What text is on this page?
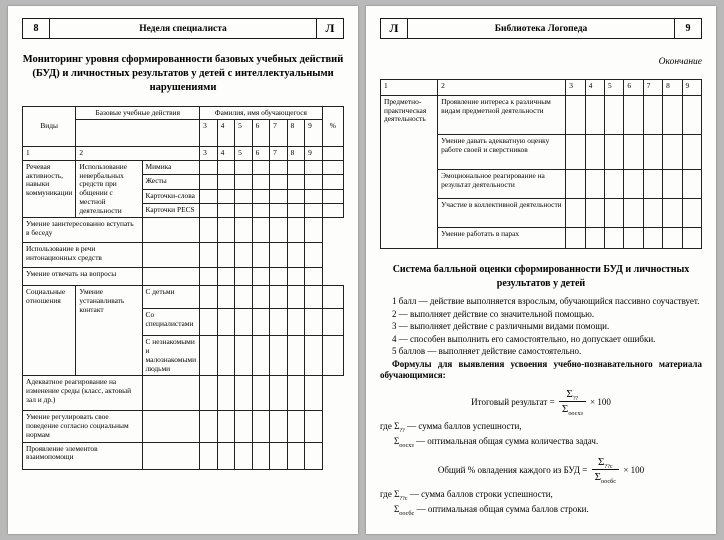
8	Неделя специалиста	Л
Мониторинг уровня сформированности базовых учебных действий (БУД) и личностных результатов у детей с интеллектуальными нарушениями
Виды	Базовые учебные действия		Фамилия, имя обучающегося							%
			3	4	5	6	7	8	9	
1	2		3	4	5	6	7	8	9	
Речевая активность, навыки коммуникации	Использование невербальных средств при общении с местной деятельности	Мимика								
		Жесты								
		Карточки-слова								
		Карточки PECS								
Умение заинтересованно вступать в беседу										
Использование в речи интонационных средств										
Умение отвечать на вопросы										
Социальные отношения	Умение устанавливать контакт	С детьми								
		Со специалистами								
		С незнакомыми и малознакомыми людьми								
Адекватное реагирование на изменение среды (класс, актовый зал и др.)										
Умение регулировать свое поведение согласно социальным нормам										
Проявление элементов взаимопомощи										
Л	Библиотека Логопеда	9
Окончание
1	2	3	4	5	6	7	8	9
Предметно-практическая деятельность	Проявление интереса к различным видам предметной деятельности							
	Умение давать адекватную оценку работе своей и сверстников							
	Эмоциональное реагирование на результат деятельности							
	Участие в коллективной деятельности							
	Умение работать в парах							
Система балльной оценки сформированности БУД и личностных результатов у детей

1 балл — действие выполняется взрослым, обучающийся пассивно соучаствует.

2 — выполняет действие со значительной помощью.

3 — выполняет действие с различными видами помощи.

4 — способен выполнить его самостоятельно, но допускает ошибки.

5 баллов — выполняет действие самостоятельно.

Формулы для выявления усвоения учебно-познавательного материала обучающимися:

Итоговый результат = $\frac{\Sigma_{??}}{\Sigma_{оосхз}} \times 100$

где $\Sigma_{??}$ — сумма баллов успешности,

$\Sigma_{оосхз}$ — оптимальная общая сумма количества задач.

Общий % овладения каждого из БУД = $\frac{\Sigma_{??с}}{\Sigma_{оосбс}} \times 100$

где $\Sigma_{??с}$ — сумма баллов строки успешности,

$\Sigma_{оосбс}$ — оптимальная общая сумма баллов строки.
